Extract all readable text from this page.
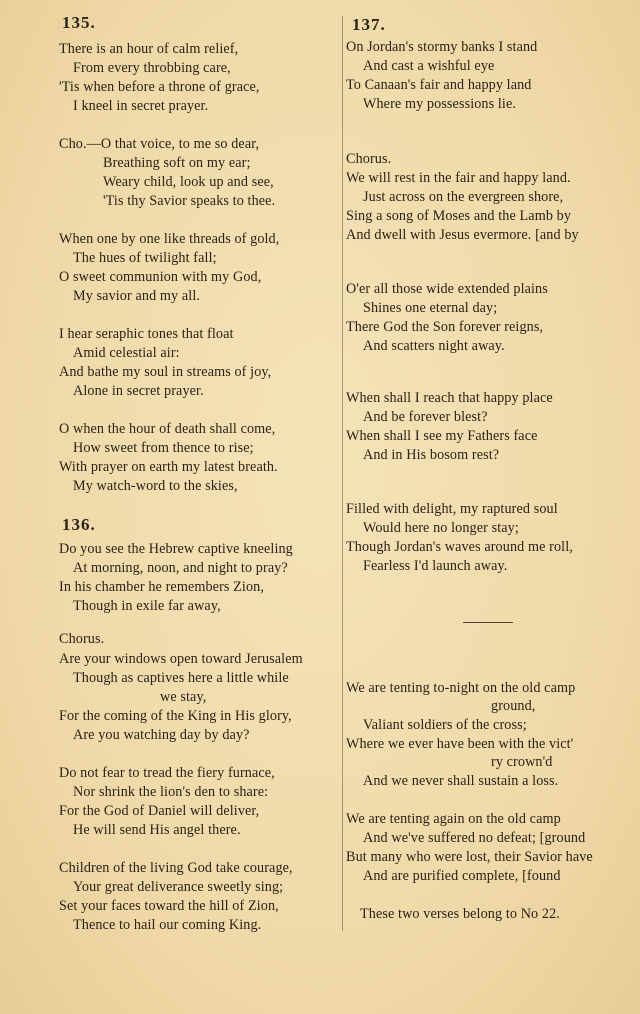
135.
There is an hour of calm relief,
From every throbbing care,
'Tis when before a throne of grace,
I kneel in secret prayer.
Cho.—O that voice, to me so dear,
Breathing soft on my ear;
Weary child, look up and see,
'Tis thy Savior speaks to thee.
When one by one like threads of gold,
The hues of twilight fall;
O sweet communion with my God,
My savior and my all.
I hear seraphic tones that float
Amid celestial air:
And bathe my soul in streams of joy,
Alone in secret prayer.
O when the hour of death shall come,
How sweet from thence to rise;
With prayer on earth my latest breath.
My watch-word to the skies,
136.
Do you see the Hebrew captive kneeling
At morning, noon, and night to pray?
In his chamber he remembers Zion,
Though in exile far away,
Chorus.
Are your windows open toward Jerusalem
Though as captives here a little while
we stay,
For the coming of the King in His glory,
Are you watching day by day?
Do not fear to tread the fiery furnace,
Nor shrink the lion's den to share:
For the God of Daniel will deliver,
He will send His angel there.
Children of the living God take courage,
Your great deliverance sweetly sing;
Set your faces toward the hill of Zion,
Thence to hail our coming King.
137.
On Jordan's stormy banks I stand
And cast a wishful eye
To Canaan's fair and happy land
Where my possessions lie.
Chorus.
We will rest in the fair and happy land.
Just across on the evergreen shore,
Sing a song of Moses and the Lamb by
And dwell with Jesus evermore. [and by
O'er all those wide extended plains
Shines one eternal day;
There God the Son forever reigns,
And scatters night away.
When shall I reach that happy place
And be forever blest?
When shall I see my Fathers face
And in His bosom rest?
Filled with delight, my raptured soul
Would here no longer stay;
Though Jordan's waves around me roll,
Fearless I'd launch away.
We are tenting to-night on the old camp
ground,
Valiant soldiers of the cross;
Where we ever have been with the vict'
ry crown'd
And we never shall sustain a loss.
We are tenting again on the old camp
And we've suffered no defeat; [ground
But many who were lost, their Savior have
And are purified complete, [found
These two verses belong to No 22.
